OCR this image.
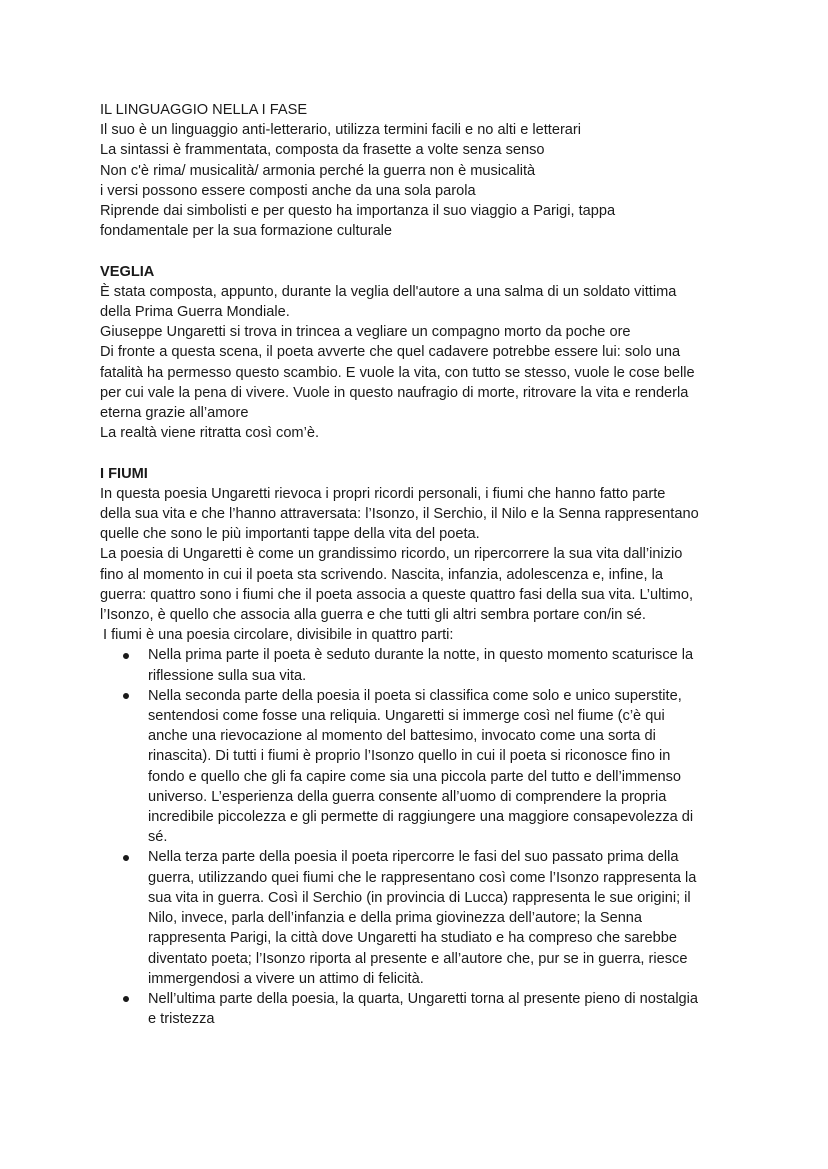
IL LINGUAGGIO NELLA I FASE
Il suo è un linguaggio anti-letterario, utilizza termini facili e no alti e letterari
La sintassi è frammentata, composta da frasette a volte senza senso
Non c'è rima/ musicalità/ armonia perché la guerra non è musicalità
i versi possono essere composti anche da una sola parola
Riprende dai simbolisti e per questo ha importanza il suo viaggio a Parigi, tappa
fondamentale per la sua formazione culturale
VEGLIA
È stata composta, appunto, durante la veglia dell'autore a una salma di un soldato vittima
della Prima Guerra Mondiale.
Giuseppe Ungaretti si trova in trincea a vegliare un compagno morto da poche ore
Di fronte a questa scena, il poeta avverte che quel cadavere potrebbe essere lui: solo una
fatalità ha permesso questo scambio. E vuole la vita, con tutto se stesso, vuole le cose belle
per cui vale la pena di vivere. Vuole in questo naufragio di morte, ritrovare la vita e renderla
eterna grazie all’amore
La realtà viene ritratta così com’è.
I FIUMI
In questa poesia Ungaretti rievoca i propri ricordi personali, i fiumi che hanno fatto parte
della sua vita e che l’hanno attraversata: l’Isonzo, il Serchio, il Nilo e la Senna rappresentano
quelle che sono le più importanti tappe della vita del poeta.
La poesia di Ungaretti è come un grandissimo ricordo, un ripercorrere la sua vita dall’inizio
fino al momento in cui il poeta sta scrivendo. Nascita, infanzia, adolescenza e, infine, la
guerra: quattro sono i fiumi che il poeta associa a queste quattro fasi della sua vita. L’ultimo,
l’Isonzo, è quello che associa alla guerra e che tutti gli altri sembra portare con/in sé.
I fiumi è una poesia circolare, divisibile in quattro parti:
Nella prima parte il poeta è seduto durante la notte, in questo momento scaturisce la
riflessione sulla sua vita.
Nella seconda parte della poesia il poeta si classifica come solo e unico superstite,
sentendosi come fosse una reliquia. Ungaretti si immerge così nel fiume (c’è qui
anche una rievocazione al momento del battesimo, invocato come una sorta di
rinascita). Di tutti i fiumi è proprio l’Isonzo quello in cui il poeta si riconosce fino in
fondo e quello che gli fa capire come sia una piccola parte del tutto e dell’immenso
universo. L’esperienza della guerra consente all’uomo di comprendere la propria
incredibile piccolezza e gli permette di raggiungere una maggiore consapevolezza di
sé.
Nella terza parte della poesia il poeta ripercorre le fasi del suo passato prima della
guerra, utilizzando quei fiumi che le rappresentano così come l’Isonzo rappresenta la
sua vita in guerra. Così il Serchio (in provincia di Lucca) rappresenta le sue origini; il
Nilo, invece, parla dell’infanzia e della prima giovinezza dell’autore; la Senna
rappresenta Parigi, la città dove Ungaretti ha studiato e ha compreso che sarebbe
diventato poeta; l’Isonzo riporta al presente e all’autore che, pur se in guerra, riesce
immergendosi a vivere un attimo di felicità.
Nell’ultima parte della poesia, la quarta, Ungaretti torna al presente pieno di nostalgia
e tristezza
